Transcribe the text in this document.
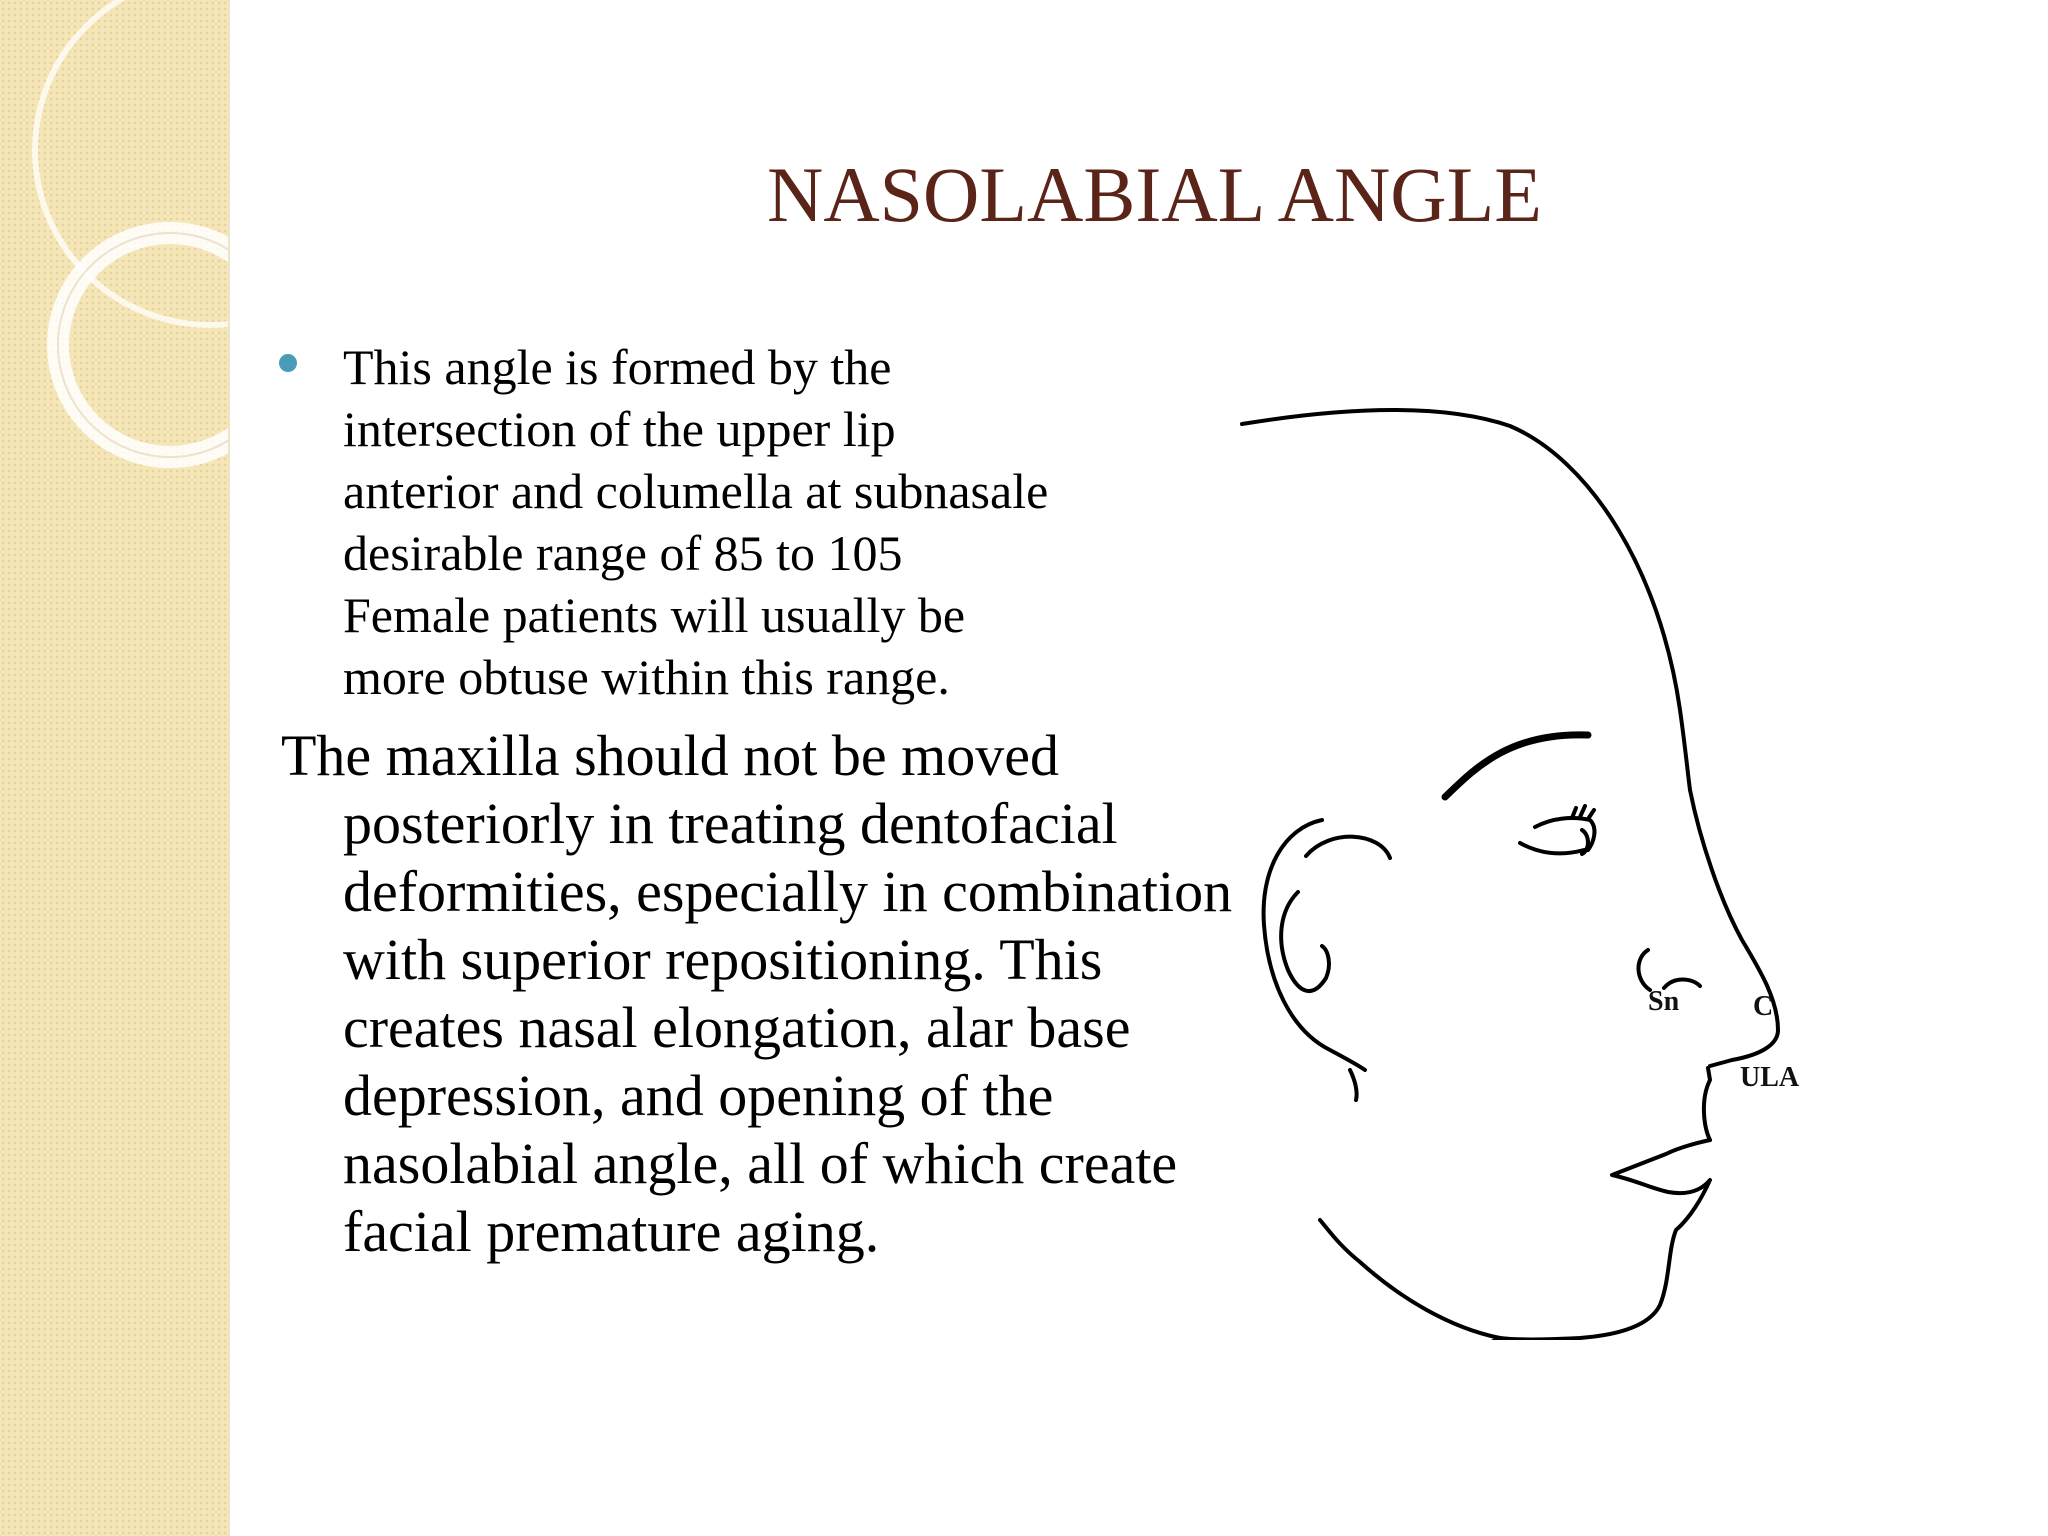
NASOLABIAL ANGLE

This angle is formed by the
intersection of the upper lip
anterior and columella at subnasale
desirable range of 85 to 105
Female patients will usually be
more obtuse within this range.

The maxilla should not be moved posteriorly in treating dentofacial deformities, especially in combination with superior repositioning. This creates nasal elongation, alar base depression, and opening of the nasolabial angle, all of which create facial premature aging.

Sn	C
ULA
